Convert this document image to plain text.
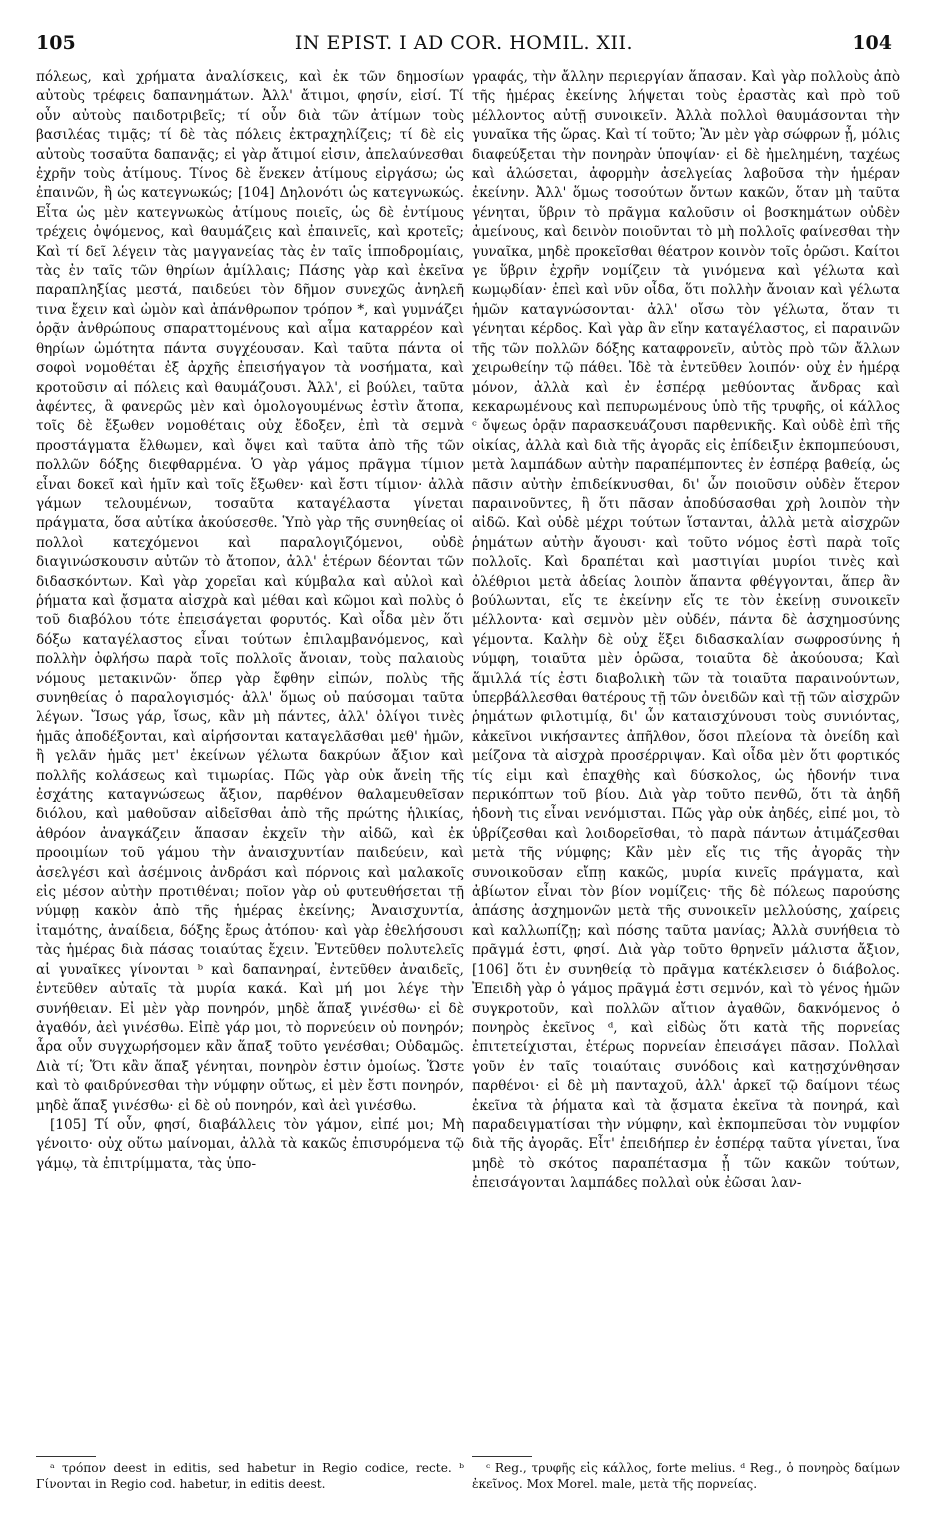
105	IN EPIST. I AD COR. HOMIL. XII.	104

πόλεως, καὶ χρήματα ἀναλίσκεις, καὶ ἐκ τῶν δημοσίων αὐτοὺς τρέφεις δαπανημάτων. Ἀλλ' ἄτιμοι, φησίν, εἰσί. Τί οὖν αὐτοὺς παιδοτριβεῖς; τί οὖν διὰ τῶν ἀτίμων τοὺς βασιλέας τιμᾷς; τί δὲ τὰς πόλεις ἐκτραχηλίζεις; τί δὲ εἰς αὐτοὺς τοσαῦτα δαπανᾷς; εἰ γὰρ ἄτιμοί εἰσιν, ἀπελαύνεσθαι ἐχρῆν τοὺς ἀτίμους. Τίνος δὲ ἕνεκεν ἀτίμους εἰργάσω; ὡς ἐπαινῶν, ἢ ὡς κατεγνωκώς; [104] Δηλονότι ὡς κατεγνωκώς. Εἶτα ὡς μὲν κατεγνωκὼς ἀτίμους ποιεῖς, ὡς δὲ ἐντίμους τρέχεις ὀψόμενος, καὶ θαυμάζεις καὶ ἐπαινεῖς, καὶ κροτεῖς; Καὶ τί δεῖ λέγειν τὰς μαγγανείας τὰς ἐν ταῖς ἱπποδρομίαις, τὰς ἐν ταῖς τῶν θηρίων ἁμίλλαις; Πάσης γὰρ καὶ ἐκεῖνα παραπληξίας μεστά, παιδεύει τὸν δῆμον συνεχῶς ἀνηλεῆ τινα ἔχειν καὶ ὠμὸν καὶ ἀπάνθρωπον τρόπον *, καὶ γυμνάζει ὁρᾷν ἀνθρώπους σπαραττομένους καὶ αἷμα καταρρέον καὶ θηρίων ὠμότητα πάντα συγχέουσαν. Καὶ ταῦτα πάντα οἱ σοφοὶ νομοθέται ἐξ ἀρχῆς ἐπεισήγαγον τὰ νοσήματα, καὶ κροτοῦσιν αἱ πόλεις καὶ θαυμάζουσι. Ἀλλ', εἰ βούλει, ταῦτα ἀφέντες, ἃ φανερῶς μὲν καὶ ὁμολογουμένως ἐστὶν ἄτοπα, τοῖς δὲ ἔξωθεν νομοθέταις οὐχ ἔδοξεν, ἐπὶ τὰ σεμνὰ προστάγματα ἔλθωμεν, καὶ ὄψει καὶ ταῦτα ἀπὸ τῆς τῶν πολλῶν δόξης διεφθαρμένα. Ὁ γὰρ γάμος πρᾶγμα τίμιον εἶναι δοκεῖ καὶ ἡμῖν καὶ τοῖς ἔξωθεν· καὶ ἔστι τίμιον· ἀλλὰ γάμων τελουμένων, τοσαῦτα καταγέλαστα γίνεται πράγματα, ὅσα αὐτίκα ἀκούσεσθε. Ὑπὸ γὰρ τῆς συνηθείας οἱ πολλοὶ κατεχόμενοι καὶ παραλογιζόμενοι, οὐδὲ διαγινώσκουσιν αὐτῶν τὸ ἄτοπον, ἀλλ' ἑτέρων δέονται τῶν διδασκόντων. Καὶ γὰρ χορεῖαι καὶ κύμβαλα καὶ αὐλοὶ καὶ ῥήματα καὶ ᾄσματα αἰσχρὰ καὶ μέθαι καὶ κῶμοι καὶ πολὺς ὁ τοῦ διαβόλου τότε ἐπεισάγεται φορυτός. Καὶ οἶδα μὲν ὅτι δόξω καταγέλαστος εἶναι τούτων ἐπιλαμβανόμενος, καὶ πολλὴν ὀφλήσω παρὰ τοῖς πολλοῖς ἄνοιαν, τοὺς παλαιοὺς νόμους μετακινῶν· ὅπερ γὰρ ἔφθην εἰπών, πολὺς τῆς συνηθείας ὁ παραλογισμός· ἀλλ' ὅμως οὐ παύσομαι ταῦτα λέγων. Ἴσως γάρ, ἴσως, κἂν μὴ πάντες, ἀλλ' ὀλίγοι τινὲς ἡμᾶς ἀποδέξονται, καὶ αἱρήσονται καταγελᾶσθαι μεθ' ἡμῶν, ἢ γελᾶν ἡμᾶς μετ' ἐκείνων γέλωτα δακρύων ἄξιον καὶ πολλῆς κολάσεως καὶ τιμωρίας. Πῶς γὰρ οὐκ ἄνεἰη τῆς ἐσχάτης καταγνώσεως ἄξιον, παρθένον θαλαμευθεῖσαν διόλου, καὶ μαθοῦσαν αἰδεῖσθαι ἀπὸ τῆς πρώτης ἡλικίας, ἀθρόον ἀναγκάζειν ἅπασαν ἐκχεῖν τὴν αἰδῶ, καὶ ἐκ προοιμίων τοῦ γάμου τὴν ἀναισχυντίαν παιδεύειν, καὶ ἀσελγέσι καὶ ἀσέμνοις ἀνδράσι καὶ πόρνοις καὶ μαλακοῖς εἰς μέσον αὐτὴν προτιθέναι; ποῖον γὰρ οὐ φυτευθήσεται τῇ νύμφῃ κακὸν ἀπὸ τῆς ἡμέρας ἐκείνης; Ἀναισχυντία, ἰταμότης, ἀναίδεια, δόξης ἔρως ἀτόπου· καὶ γὰρ ἐθελήσουσι τὰς ἡμέρας διὰ πάσας τοιαύτας ἔχειν. Ἐντεῦθεν πολυτελεῖς αἱ γυναῖκες γίνονται ᵇ καὶ δαπανηραί, ἐντεῦθεν ἀναιδεῖς, ἐντεῦθεν αὐταῖς τὰ μυρία κακά. Καὶ μή μοι λέγε τὴν συνήθειαν. Εἰ μὲν γὰρ πονηρόν, μηδὲ ἅπαξ γινέσθω· εἰ δὲ ἀγαθόν, ἀεὶ γινέσθω. Εἰπὲ γάρ μοι, τὸ πορνεύειν οὐ πονηρόν; ἆρα οὖν συγχωρήσομεν κἂν ἅπαξ τοῦτο γενέσθαι; Οὐδαμῶς. Διὰ τί; Ὅτι κἂν ἅπαξ γένηται, πονηρὸν ἐστιν ὁμοίως. Ὥστε καὶ τὸ φαιδρύνεσθαι τὴν νύμφην οὕτως, εἰ μὲν ἔστι πονηρόν, μηδὲ ἅπαξ γινέσθω· εἰ δὲ οὐ πονηρόν, καὶ ἀεὶ γινέσθω.

[105] Τί οὖν, φησί, διαβάλλεις τὸν γάμον, εἰπέ μοι; Μὴ γένοιτο· οὐχ οὕτω μαίνομαι, ἀλλὰ τὰ κακῶς ἐπισυρόμενα τῷ γάμῳ, τὰ ἐπιτρίμματα, τὰς ὑπο-

γραφάς, τὴν ἄλλην περιεργίαν ἅπασαν. Καὶ γὰρ πολλοὺς ἀπὸ τῆς ἡμέρας ἐκείνης λήψεται τοὺς ἐραστὰς καὶ πρὸ τοῦ μέλλοντος αὐτῇ συνοικεῖν. Ἀλλὰ πολλοὶ θαυμάσονται τὴν γυναῖκα τῆς ὥρας. Καὶ τί τοῦτο; Ἂν μὲν γὰρ σώφρων ᾖ, μόλις διαφεύξεται τὴν πονηρὰν ὑποψίαν· εἰ δὲ ἠμελημένη, ταχέως καὶ ἁλώσεται, ἀφορμὴν ἀσελγείας λαβοῦσα τὴν ἡμέραν ἐκείνην. Ἀλλ' ὅμως τοσούτων ὄντων κακῶν, ὅταν μὴ ταῦτα γένηται, ὕβριν τὸ πρᾶγμα καλοῦσιν οἱ βοσκημάτων οὐδὲν ἀμείνους, καὶ δεινὸν ποιοῦνται τὸ μὴ πολλοῖς φαίνεσθαι τὴν γυναῖκα, μηδὲ προκεῖσθαι θέατρον κοινὸν τοῖς ὁρῶσι. Καίτοι γε ὕβριν ἐχρῆν νομίζειν τὰ γινόμενα καὶ γέλωτα καὶ κωμῳδίαν· ἐπεὶ καὶ νῦν οἶδα, ὅτι πολλὴν ἄνοιαν καὶ γέλωτα ἡμῶν καταγνώσονται· ἀλλ' οἴσω τὸν γέλωτα, ὅταν τι γένηται κέρδος. Καὶ γὰρ ἂν εἴην καταγέλαστος, εἰ παραινῶν τῆς τῶν πολλῶν δόξης καταφρονεῖν, αὐτὸς πρὸ τῶν ἄλλων χειρωθείην τῷ πάθει. Ἰδὲ τὰ ἐντεῦθεν λοιπόν· οὐχ ἐν ἡμέρᾳ μόνον, ἀλλὰ καὶ ἐν ἑσπέρᾳ μεθύοντας ἄνδρας καὶ κεκαρωμένους καὶ πεπυρωμένους ὑπὸ τῆς τρυφῆς, οἱ κάλλος ᶜ ὄψεως ὁρᾷν παρασκευάζουσι παρθενικῆς. Καὶ οὐδὲ ἐπὶ τῆς οἰκίας, ἀλλὰ καὶ διὰ τῆς ἀγορᾶς εἰς ἐπίδειξιν ἐκπομπεύουσι, μετὰ λαμπάδων αὐτὴν παραπέμποντες ἐν ἑσπέρᾳ βαθείᾳ, ὡς πᾶσιν αὐτὴν ἐπιδείκνυσθαι, δι' ὧν ποιοῦσιν οὐδὲν ἕτερον παραινοῦντες, ἢ ὅτι πᾶσαν ἀποδύσασθαι χρὴ λοιπὸν τὴν αἰδῶ. Καὶ οὐδὲ μέχρι τούτων ἵστανται, ἀλλὰ μετὰ αἰσχρῶν ῥημάτων αὐτὴν ἄγουσι· καὶ τοῦτο νόμος ἐστὶ παρὰ τοῖς πολλοῖς. Καὶ δραπέται καὶ μαστιγίαι μυρίοι τινὲς καὶ ὀλέθριοι μετὰ ἀδείας λοιπὸν ἅπαντα φθέγγονται, ἅπερ ἂν βούλωνται, εἴς τε ἐκείνην εἴς τε τὸν ἐκείνῃ συνοικεῖν μέλλοντα· καὶ σεμνὸν μὲν οὐδέν, πάντα δὲ ἀσχημοσύνης γέμοντα. Καλὴν δὲ οὐχ ἕξει διδασκαλίαν σωφροσύνης ἡ νύμφη, τοιαῦτα μὲν ὁρῶσα, τοιαῦτα δὲ ἀκούουσα; Καὶ ἅμιλλά τίς ἐστι διαβολικὴ τῶν τὰ τοιαῦτα παραινούντων, ὑπερβάλλεσθαι θατέρους τῇ τῶν ὀνειδῶν καὶ τῇ τῶν αἰσχρῶν ῥημάτων φιλοτιμίᾳ, δι' ὧν καταισχύνουσι τοὺς συνιόντας, κἀκεῖνοι νικήσαντες ἀπῆλθον, ὅσοι πλείονα τὰ ὀνείδη καὶ μείζονα τὰ αἰσχρὰ προσέρριψαν. Καὶ οἶδα μὲν ὅτι φορτικός τίς εἰμι καὶ ἐπαχθὴς καὶ δύσκολος, ὡς ἡδονήν τινα περικόπτων τοῦ βίου. Διὰ γὰρ τοῦτο πενθῶ, ὅτι τὰ ἀηδῆ ἡδονὴ τις εἶναι νενόμισται. Πῶς γὰρ οὐκ ἀηδές, εἰπέ μοι, τὸ ὑβρίζεσθαι καὶ λοιδορεῖσθαι, τὸ παρὰ πάντων ἀτιμάζεσθαι μετὰ τῆς νύμφης; Κἂν μὲν εἴς τις τῆς ἀγορᾶς τὴν συνοικοῦσαν εἴπῃ κακῶς, μυρία κινεῖς πράγματα, καὶ ἀβίωτον εἶναι τὸν βίον νομίζεις· τῆς δὲ πόλεως παρούσης ἁπάσης ἀσχημονῶν μετὰ τῆς συνοικεῖν μελλούσης, χαίρεις καὶ καλλωπίζῃ; καὶ πόσης ταῦτα μανίας; Ἀλλὰ συνήθεια τὸ πρᾶγμά ἐστι, φησί. Διὰ γὰρ τοῦτο θρηνεῖν μάλιστα ἄξιον, [106] ὅτι ἐν συνηθείᾳ τὸ πρᾶγμα κατέκλεισεν ὁ διάβολος. Ἐπειδὴ γὰρ ὁ γάμος πρᾶγμά ἐστι σεμνόν, καὶ τὸ γένος ἡμῶν συγκροτοῦν, καὶ πολλῶν αἴτιον ἀγαθῶν, δακνόμενος ὁ πονηρὸς ἐκεῖνος ᵈ, καὶ εἰδὼς ὅτι κατὰ τῆς πορνείας ἐπιτετείχισται, ἑτέρως πορνείαν ἐπεισάγει πᾶσαν. Πολλαὶ γοῦν ἐν ταῖς τοιαύταις συνόδοις καὶ κατῃσχύνθησαν παρθένοι· εἰ δὲ μὴ πανταχοῦ, ἀλλ' ἀρκεῖ τῷ δαίμονι τέως ἐκεῖνα τὰ ῥήματα καὶ τὰ ᾄσματα ἐκεῖνα τὰ πονηρά, καὶ παραδειγματίσαι τὴν νύμφην, καὶ ἐκπομπεῦσαι τὸν νυμφίον διὰ τῆς ἀγορᾶς. Εἶτ' ἐπειδήπερ ἐν ἑσπέρᾳ ταῦτα γίνεται, ἵνα μηδὲ τὸ σκότος παραπέτασμα ᾖ τῶν κακῶν τούτων, ἐπεισάγονται λαμπάδες πολλαὶ οὐκ ἐῶσαι λαν-

ᵃ τρόπον deest in editis, sed habetur in Regio codice, recte. ᵇ Γίνονται in Regio cod. habetur, in editis deest.

ᶜ Reg., τρυφῆς εἰς κάλλος, forte melius. ᵈ Reg., ὁ πονηρὸς δαίμων ἐκεῖνος. Mox Morel. male, μετὰ τῆς πορνείας.
